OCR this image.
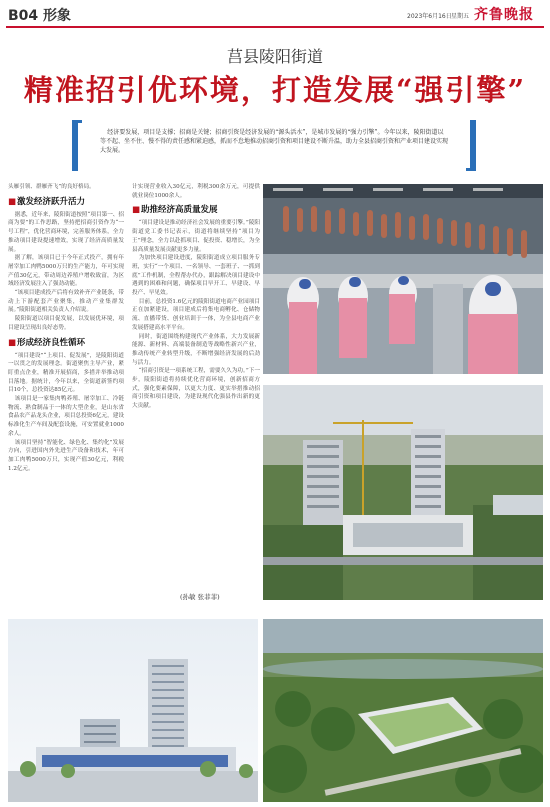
B04 形象	2023年6月16日 星期五 齐鲁晚报
莒县陵阳街道
精准招引优环境，打造发展“强引擎”
经济要发展，项目是支撑；招商是关键；招商引资是经济发展的“源头活水”，是城市发展的“强力引擎”。今年以来，陵阳街道以等不起、坐不住、慢不得的责任感和紧迫感，抓而不怠地推动招商引资和项目建设不断升温，助力全县招商引资和产业项目建设实现大发展。

头雁引领、群雁齐飞”的良好格局。

■激发经济跃升活力

据悉，近年来，陵阳街道按照“项目第一、招商为要”的工作思路，坚持把招商引资作为“一号工程”，优化营商环境，完善服务体系，全力推动项目建设提速增效，实现了经济高质量发展。

据了解，该项目已于今年正式投产，拥有年屠宰加工肉鸭5000万只的生产能力，年可实现产值30亿元，带动周边养殖户增收致富，为区域经济发展注入了强劲动能。

“该项目建成投产后将有效补齐产业链条，带动上下游配套产业聚集，推动产业集群发展。”陵阳街道相关负责人介绍说。

陵阳街道以项目促发展，以发展优环境，项目建设呈现出良好态势。

■形成经济良性循环

“项目建设”“上项目、促发展”，是陵阳街道一以贯之的发展理念。街道聚焦主导产业，紧盯重点企业，精准开展招商，多措并举推动项目落地。据统计，今年以来，全街道新签约项目10个，总投资达85亿元。

该项目是一家集肉鸭养殖、屠宰加工、冷链物流、熟食制品于一体的大型企业，是山东省食品农产品龙头企业，项目总投资6亿元，建设标准化生产车间及配套设施，可安置就业1000余人。

该项目坚持“智能化、绿色化、集约化”发展方向，引进国内外先进生产设备和技术，年可加工肉鸭5000万只，实现产值30亿元，利税1.2亿元。

计实现营业收入30亿元，利税300余万元，可提供就业岗位1000余人。

■助推经济高质量发展

“项目建设是推动经济社会发展的重要引擎。”陵阳街道党工委书记表示，街道将继续坚持“项目为王”理念，全力以赴抓项目、促投资、稳增长，为全县高质量发展贡献更多力量。

为加快项目建设进度，陵阳街道成立项目服务专班，实行“一个项目、一名领导、一套班子、一抓到底”工作机制，全程帮办代办，跟踪解决项目建设中遇到的困难和问题，确保项目早开工、早建设、早投产、早见效。

目前，总投资1.6亿元的陵阳街道电商产业园项目正在加紧建设，项目建成后将集电商孵化、仓储物流、直播带货、创业培训于一体，为全县电商产业发展搭建高水平平台。

同时，街道围绕构建现代产业体系，大力发展新能源、新材料、高端装备制造等战略性新兴产业，推动传统产业转型升级，不断增强经济发展的后劲与活力。

“招商引资是一项系统工程，需要久久为功。”下一步，陵阳街道将持续优化营商环境，创新招商方式，强化要素保障，以更大力度、更实举措推动招商引资和项目建设，为建设现代化强县作出新的更大贡献。

(孙敏 张菲菲)
